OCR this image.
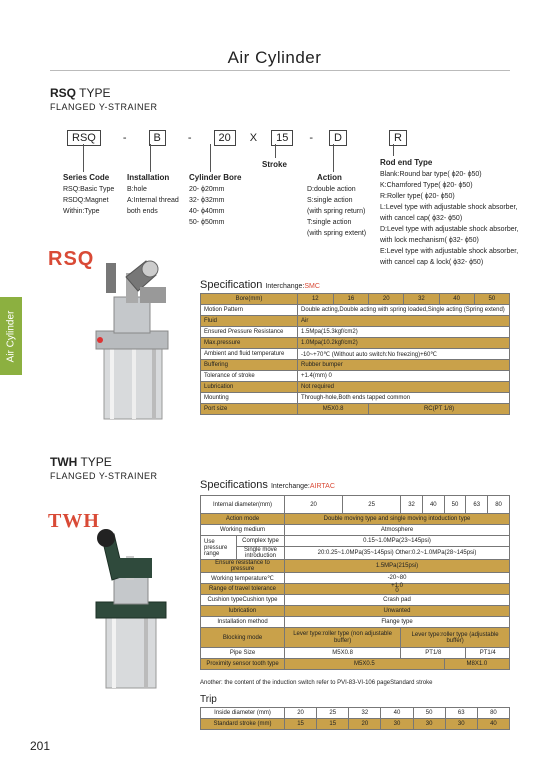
Air Cylinder
Air Cylinder
RSQ TYPE
FLANGED Y-STRAINER
RSQ	-	B	-	20	X	15	-	D	R
Series Code
RSQ:Basic Type
RSDQ:Magnet
Within:Type
Installation
B:hole
A:Internal thread
both ends
Cylinder Bore
20- ϕ20mm
32- ϕ32mm
40- ϕ40mm
50- ϕ50mm
Stroke
Action
D:double action
S:single action
(with spring return)
T:single action
(with spring extent)
Rod end Type
Blank:Round bar type( ϕ20- ϕ50)
K:Chamfored Type( ϕ20- ϕ50)
R:Roller type( ϕ20- ϕ50)
L:Level type with adjustable shock absorber,
with cancel cap( ϕ32- ϕ50)
D:Level type with adjustable shock absorber,
with lock mechanism( ϕ32- ϕ50)
E:Level type with adjustable shock absorber,
with cancel cap & lock( ϕ32- ϕ50)
RSQ
Specification Interchange:SMC
Bore(mm)	12	16	20	32	40	50
Motion Pattern	Double acting,Double acting with spring loaded,Single acting (Spring extend)					
Fluid	Air					
Ensured Pressure Resistance	1.5Mpa(15.3kgf/cm2)					
Max.pressure	1.0Mpa(10.2kgf/cm2)					
Ambient and fluid temperature	-10~+70℃ (Without auto switch:No freezing)+60℃					
Buffering	Rubber bumper					
Tolerance of stroke	+1.4(mm) 0					
Lubrication	Not required					
Mounting	Through-hole,Both ends tapped common					
Port size	M5X0.8		RC(PT 1/8)			
TWH TYPE
FLANGED Y-STRAINER
TWH
Specifications Interchange:AIRTAC
Internal diameter(mm)		20	25	32	40	50	63	80
Action mode		Double moving type and single moving intoduction type						
Working medium		Atmosphere						
Use pressure range	Complex type	0.15~1.0MPa(23~145psi)						
	Single move introduction	20:0.25~1.0MPa(35~145psi) Other:0.2~1.0MPa(28~145psi)						
Ensure resistance to pressure		1.5MPa(215psi)						
Working temperature℃		-20~80						
Range of travel tolerance		+1.0
0						

Cushion typeCushion type		Crash pad						
lubrication		Unwanted						
Installation method		Flange type						
Blocking mode		Lever type:roller type (non adjustable buffer)		Lever type:roller type (adjustable buffer)				
Pipe Size		M5X0.8		PT1/8			PT1/4	
Proximity sensor tooth type		M5X0.5				M8X1.0		
Another: the content of the induction switch refer to PVI-83-VI-106 pageStandard stroke
Trip
Inside diameter (mm)	20	25	32	40	50	63	80
Standard stroke (mm)	15	15	20	30	30	30	40
201
